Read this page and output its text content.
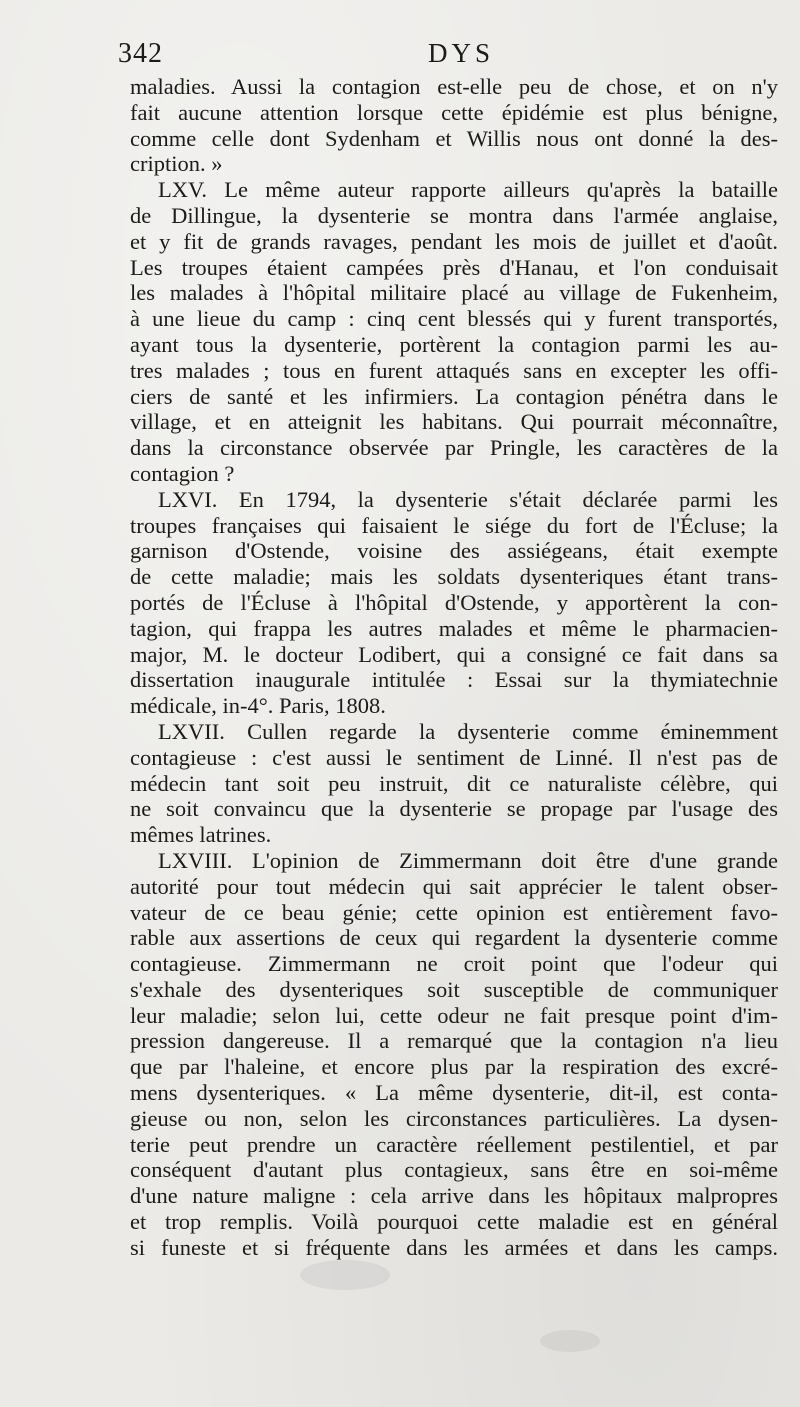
342	DYS
maladies. Aussi la contagion est-elle peu de chose, et on n'y
fait aucune attention lorsque cette épidémie est plus bénigne,
comme celle dont Sydenham et Willis nous ont donné la des-
cription. »
LXV. Le même auteur rapporte ailleurs qu'après la bataille
de Dillingue, la dysenterie se montra dans l'armée anglaise,
et y fit de grands ravages, pendant les mois de juillet et d'août.
Les troupes étaient campées près d'Hanau, et l'on conduisait
les malades à l'hôpital militaire placé au village de Fukenheim,
à une lieue du camp : cinq cent blessés qui y furent transportés,
ayant tous la dysenterie, portèrent la contagion parmi les au-
tres malades ; tous en furent attaqués sans en excepter les offi-
ciers de santé et les infirmiers. La contagion pénétra dans le
village, et en atteignit les habitans. Qui pourrait méconnaître,
dans la circonstance observée par Pringle, les caractères de la
contagion ?
LXVI. En 1794, la dysenterie s'était déclarée parmi les
troupes françaises qui faisaient le siége du fort de l'Écluse; la
garnison d'Ostende, voisine des assiégeans, était exempte
de cette maladie; mais les soldats dysenteriques étant trans-
portés de l'Écluse à l'hôpital d'Ostende, y apportèrent la con-
tagion, qui frappa les autres malades et même le pharmacien-
major, M. le docteur Lodibert, qui a consigné ce fait dans sa
dissertation inaugurale intitulée : Essai sur la thymiatechnie
médicale, in-4°. Paris, 1808.
LXVII. Cullen regarde la dysenterie comme éminemment
contagieuse : c'est aussi le sentiment de Linné. Il n'est pas de
médecin tant soit peu instruit, dit ce naturaliste célèbre, qui
ne soit convaincu que la dysenterie se propage par l'usage des
mêmes latrines.
LXVIII. L'opinion de Zimmermann doit être d'une grande
autorité pour tout médecin qui sait apprécier le talent obser-
vateur de ce beau génie; cette opinion est entièrement favo-
rable aux assertions de ceux qui regardent la dysenterie comme
contagieuse. Zimmermann ne croit point que l'odeur qui
s'exhale des dysenteriques soit susceptible de communiquer
leur maladie; selon lui, cette odeur ne fait presque point d'im-
pression dangereuse. Il a remarqué que la contagion n'a lieu
que par l'haleine, et encore plus par la respiration des excré-
mens dysenteriques. « La même dysenterie, dit-il, est conta-
gieuse ou non, selon les circonstances particulières. La dysen-
terie peut prendre un caractère réellement pestilentiel, et par
conséquent d'autant plus contagieux, sans être en soi-même
d'une nature maligne : cela arrive dans les hôpitaux malpropres
et trop remplis. Voilà pourquoi cette maladie est en général
si funeste et si fréquente dans les armées et dans les camps.
